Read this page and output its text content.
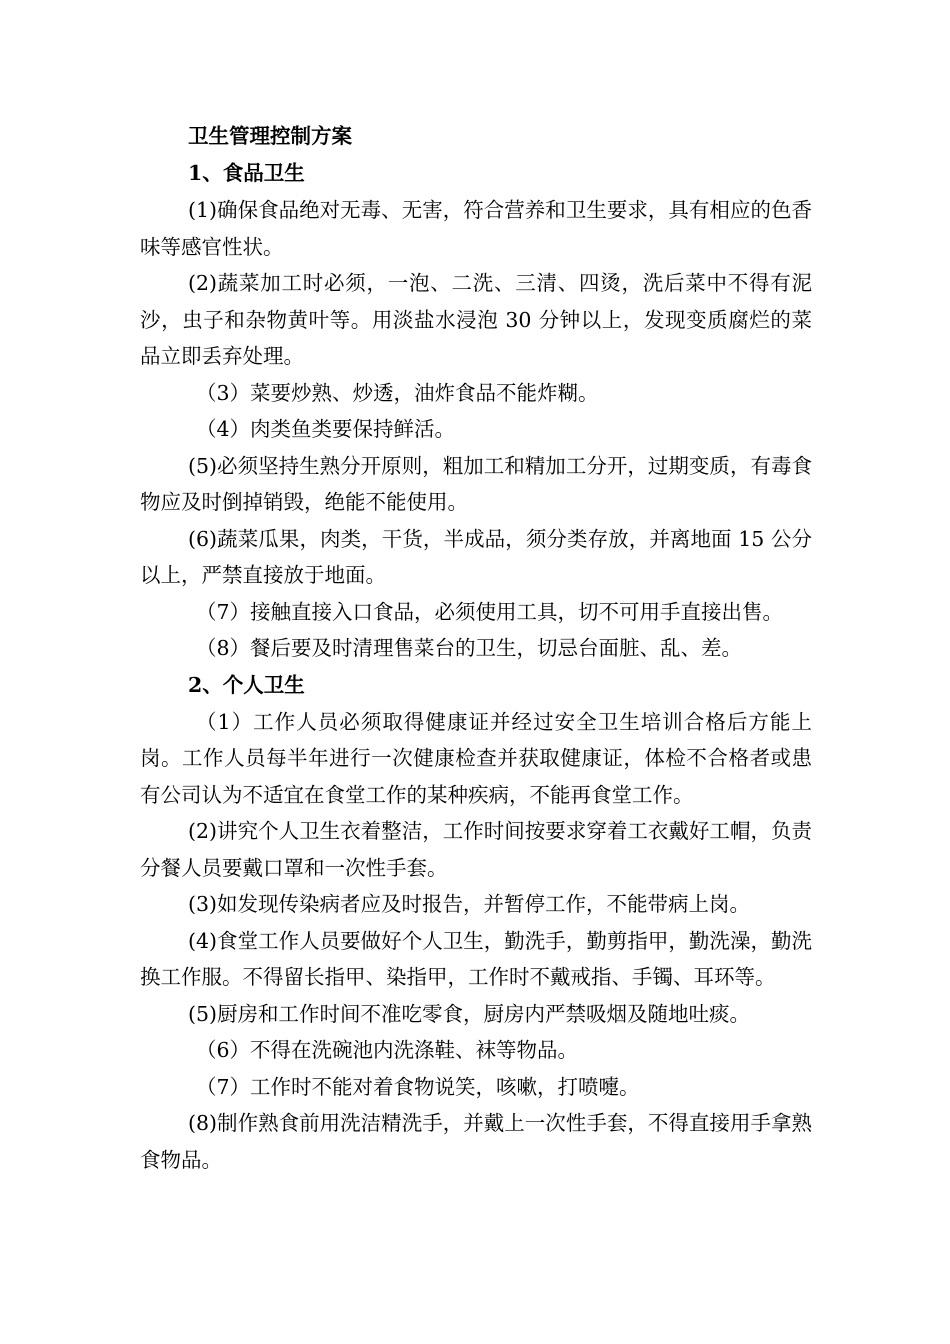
卫生管理控制方案
1、食品卫生

(1)确保食品绝对无毒、无害，符合营养和卫生要求，具有相应的色香味等感官性状。

(2)蔬菜加工时必须，一泡、二洗、三清、四烫，洗后菜中不得有泥沙，虫子和杂物黄叶等。用淡盐水浸泡 30 分钟以上，发现变质腐烂的菜品立即丢弃处理。

（3）菜要炒熟、炒透，油炸食品不能炸糊。

（4）肉类鱼类要保持鲜活。

(5)必须坚持生熟分开原则，粗加工和精加工分开，过期变质，有毒食物应及时倒掉销毁，绝能不能使用。

(6)蔬菜瓜果，肉类，干货，半成品，须分类存放，并离地面 15 公分以上，严禁直接放于地面。

（7）接触直接入口食品，必须使用工具，切不可用手直接出售。

（8）餐后要及时清理售菜台的卫生，切忌台面脏、乱、差。

2、个人卫生

（1）工作人员必须取得健康证并经过安全卫生培训合格后方能上岗。工作人员每半年进行一次健康检查并获取健康证，体检不合格者或患有公司认为不适宜在食堂工作的某种疾病，不能再食堂工作。

(2)讲究个人卫生衣着整洁，工作时间按要求穿着工衣戴好工帽，负责分餐人员要戴口罩和一次性手套。

(3)如发现传染病者应及时报告，并暂停工作，不能带病上岗。

(4)食堂工作人员要做好个人卫生，勤洗手，勤剪指甲，勤洗澡，勤洗换工作服。不得留长指甲、染指甲，工作时不戴戒指、手镯、耳环等。

(5)厨房和工作时间不准吃零食，厨房内严禁吸烟及随地吐痰。

（6）不得在洗碗池内洗涤鞋、袜等物品。

（7）工作时不能对着食物说笑，咳嗽，打喷嚏。

(8)制作熟食前用洗洁精洗手，并戴上一次性手套，不得直接用手拿熟食物品。
